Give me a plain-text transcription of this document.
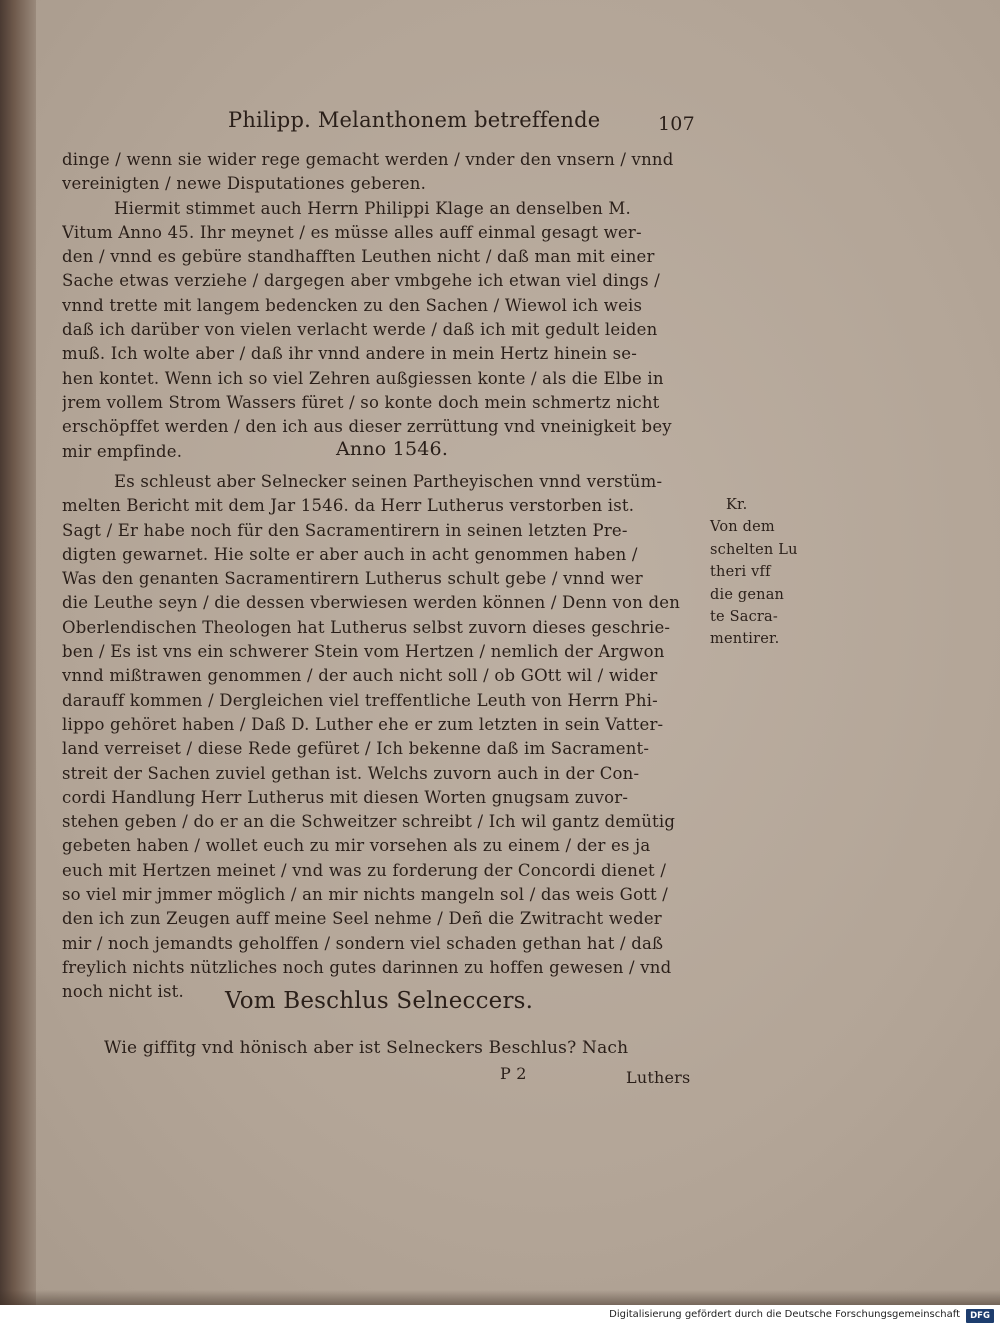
Philipp. Melanthonem betreffende	107
dinge / wenn sie wider rege gemacht werden / vnder den vnsern / vnnd
vereinigten / newe Disputationes geberen.
Hiermit stimmet auch Herrn Philippi Klage an denselben M.
Vitum Anno 45. Ihr meynet / es müsse alles auff einmal gesagt wer-
den / vnnd es gebüre standhafften Leuthen nicht / daß man mit einer
Sache etwas verziehe / dargegen aber vmbgehe ich etwan viel dings /
vnnd trette mit langem bedencken zu den Sachen / Wiewol ich weis
daß ich darüber von vielen verlacht werde / daß ich mit gedult leiden
muß. Ich wolte aber / daß ihr vnnd andere in mein Hertz hinein se-
hen kontet. Wenn ich so viel Zehren außgiessen konte / als die Elbe in
jrem vollem Strom Wassers füret / so konte doch mein schmertz nicht
erschöpffet werden / den ich aus dieser zerrüttung vnd vneinigkeit bey
mir empfinde.	Anno 1546.
Es schleust aber Selnecker seinen Partheyischen vnnd verstüm-
melten Bericht mit dem Jar 1546. da Herr Lutherus verstorben ist.
Sagt / Er habe noch für den Sacramentirern in seinen letzten Pre-
digten gewarnet. Hie solte er aber auch in acht genommen haben /
Was den genanten Sacramentirern Lutherus schult gebe / vnnd wer
die Leuthe seyn / die dessen vberwiesen werden können / Denn von den
Oberlendischen Theologen hat Lutherus selbst zuvorn dieses geschrie-
ben / Es ist vns ein schwerer Stein vom Hertzen / nemlich der Argwon
vnnd mißtrawen genommen / der auch nicht soll / ob GOtt wil / wider
darauff kommen / Dergleichen viel treffentliche Leuth von Herrn Phi-
lippo gehöret haben / Daß D. Luther ehe er zum letzten in sein Vatter-
land verreiset / diese Rede gefüret / Ich bekenne daß im Sacrament-
streit der Sachen zuviel gethan ist. Welchs zuvorn auch in der Con-
cordi Handlung Herr Lutherus mit diesen Worten gnugsam zuvor-
stehen geben / do er an die Schweitzer schreibt / Ich wil gantz demütig
gebeten haben / wollet euch zu mir vorsehen als zu einem / der es ja
euch mit Hertzen meinet / vnd was zu forderung der Concordi dienet /
so viel mir jmmer möglich / an mir nichts mangeln sol / das weis Gott /
den ich zun Zeugen auff meine Seel nehme / Deñ die Zwitracht weder
mir / noch jemandts geholffen / sondern viel schaden gethan hat / daß
freylich nichts nützliches noch gutes darinnen zu hoffen gewesen / vnd
noch nicht ist.
Kr.
Von dem
schelten Lu
theri vff
die genan
te Sacra-
mentirer.
Vom Beschlus Selneccers.
Wie giffitg vnd hönisch aber ist Selneckers Beschlus? Nach
P 2	Luthers
Digitalisierung gefördert durch die Deutsche Forschungsgemeinschaft	DFG
